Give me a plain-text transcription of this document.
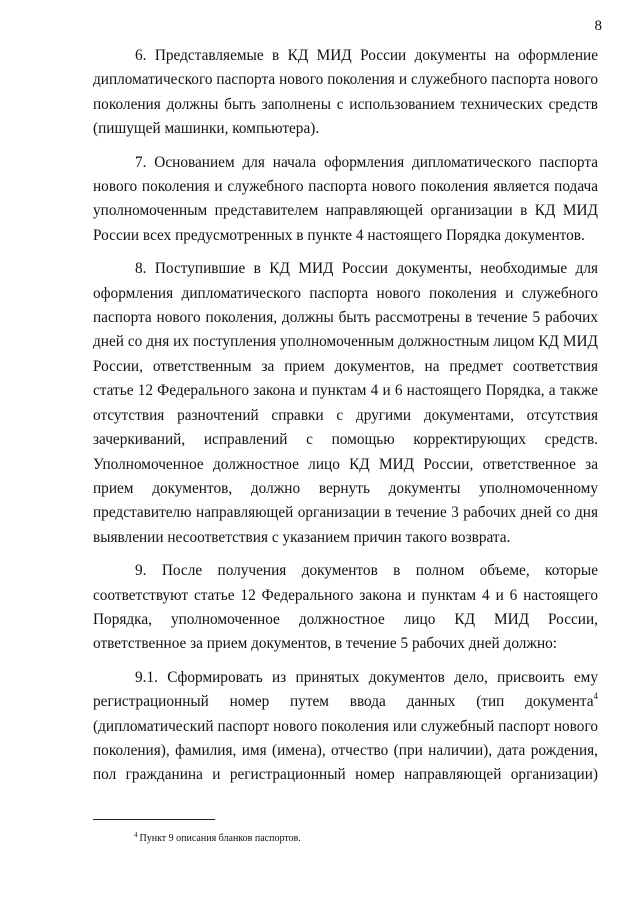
8

6. Представляемые в КД МИД России документы на оформление дипломатического паспорта нового поколения и служебного паспорта нового поколения должны быть заполнены с использованием технических средств (пишущей машинки, компьютера).

7. Основанием для начала оформления дипломатического паспорта нового поколения и служебного паспорта нового поколения является подача уполномоченным представителем направляющей организации в КД МИД России всех предусмотренных в пункте 4 настоящего Порядка документов.

8. Поступившие в КД МИД России документы, необходимые для оформления дипломатического паспорта нового поколения и служебного паспорта нового поколения, должны быть рассмотрены в течение 5 рабочих дней со дня их поступления уполномоченным должностным лицом КД МИД России, ответственным за прием документов, на предмет соответствия статье 12 Федерального закона и пунктам 4 и 6 настоящего Порядка, а также отсутствия разночтений справки с другими документами, отсутствия зачеркиваний, исправлений с помощью корректирующих средств. Уполномоченное должностное лицо КД МИД России, ответственное за прием документов, должно вернуть документы уполномоченному представителю направляющей организации в течение 3 рабочих дней со дня выявлении несоответствия с указанием причин такого возврата.

9. После получения документов в полном объеме, которые соответствуют статье 12 Федерального закона и пунктам 4 и 6 настоящего Порядка, уполномоченное должностное лицо КД МИД России, ответственное за прием документов, в течение 5 рабочих дней должно:

9.1. Сформировать из принятых документов дело, присвоить ему регистрационный номер путем ввода данных (тип документа$^4$ (дипломатический паспорт нового поколения или служебный паспорт нового поколения), фамилия, имя (имена), отчество (при наличии), дата рождения, пол гражданина и регистрационный номер направляющей организации)

$^4$ Пункт 9 описания бланков паспортов.
